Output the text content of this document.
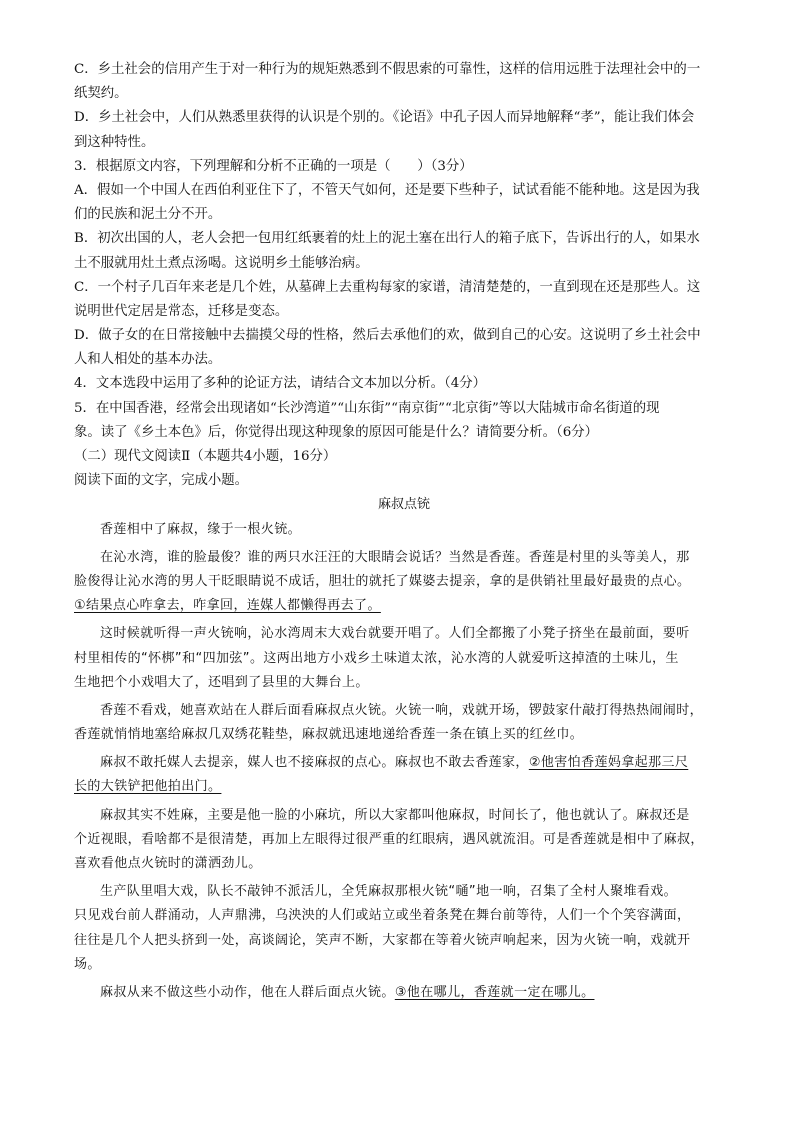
C．乡土社会的信用产生于对一种行为的规矩熟悉到不假思索的可靠性，这样的信用远胜于法理社会中的一
纸契约。
D．乡土社会中，人们从熟悉里获得的认识是个别的。《论语》中孔子因人而异地解释“孝”，能让我们体会
到这种特性。
3．根据原文内容，下列理解和分析不正确的一项是（　　）（3分）
A．假如一个中国人在西伯利亚住下了，不管天气如何，还是要下些种子，试试看能不能种地。这是因为我
们的民族和泥土分不开。
B．初次出国的人，老人会把一包用红纸裹着的灶上的泥土塞在出行人的箱子底下，告诉出行的人，如果水
土不服就用灶土煮点汤喝。这说明乡土能够治病。
C．一个村子几百年来老是几个姓，从墓碑上去重构每家的家谱，清清楚楚的，一直到现在还是那些人。这
说明世代定居是常态，迁移是变态。
D．做子女的在日常接触中去揣摸父母的性格，然后去承他们的欢，做到自己的心安。这说明了乡土社会中
人和人相处的基本办法。
4．文本选段中运用了多种的论证方法，请结合文本加以分析。（4分）
5．在中国香港，经常会出现诸如“长沙湾道”“山东街”“南京街”“北京街”等以大陆城市命名街道的现
象。读了《乡土本色》后，你觉得出现这种现象的原因可能是什么？请简要分析。（6分）
（二）现代文阅读Ⅱ（本题共4小题，16分）
阅读下面的文字，完成小题。
麻叔点铳
香莲相中了麻叔，缘于一根火铳。
在沁水湾，谁的脸最俊？谁的两只水汪汪的大眼睛会说话？当然是香莲。香莲是村里的头等美人，那
脸俊得让沁水湾的男人干眨眼睛说不成话，胆壮的就托了媒婆去提亲，拿的是供销社里最好最贵的点心。
①结果点心咋拿去，咋拿回，连媒人都懒得再去了。
这时候就听得一声火铳响，沁水湾周末大戏台就要开唱了。人们全都搬了小凳子挤坐在最前面，要听
村里相传的“怀梆”和“四加弦”。这两出地方小戏乡土味道太浓，沁水湾的人就爱听这掉渣的土味儿，生
生地把个小戏唱大了，还唱到了县里的大舞台上。
香莲不看戏，她喜欢站在人群后面看麻叔点火铳。火铳一响，戏就开场，锣鼓家什敲打得热热闹闹时，
香莲就悄悄地塞给麻叔几双绣花鞋垫，麻叔就迅速地递给香莲一条在镇上买的红丝巾。
麻叔不敢托媒人去提亲，媒人也不接麻叔的点心。麻叔也不敢去香莲家，②他害怕香莲妈拿起那三尺
长的大铁铲把他拍出门。
麻叔其实不姓麻，主要是他一脸的小麻坑，所以大家都叫他麻叔，时间长了，他也就认了。麻叔还是
个近视眼，看啥都不是很清楚，再加上左眼得过很严重的红眼病，遇风就流泪。可是香莲就是相中了麻叔，
喜欢看他点火铳时的潇洒劲儿。
生产队里唱大戏，队长不敲钟不派活儿，全凭麻叔那根火铳“嗵”地一响，召集了全村人聚堆看戏。
只见戏台前人群涌动，人声鼎沸，乌泱泱的人们或站立或坐着条凳在舞台前等待，人们一个个笑容满面，
往往是几个人把头挤到一处，高谈阔论，笑声不断，大家都在等着火铳声响起来，因为火铳一响，戏就开
场。
麻叔从来不做这些小动作，他在人群后面点火铳。③他在哪儿，香莲就一定在哪儿。
